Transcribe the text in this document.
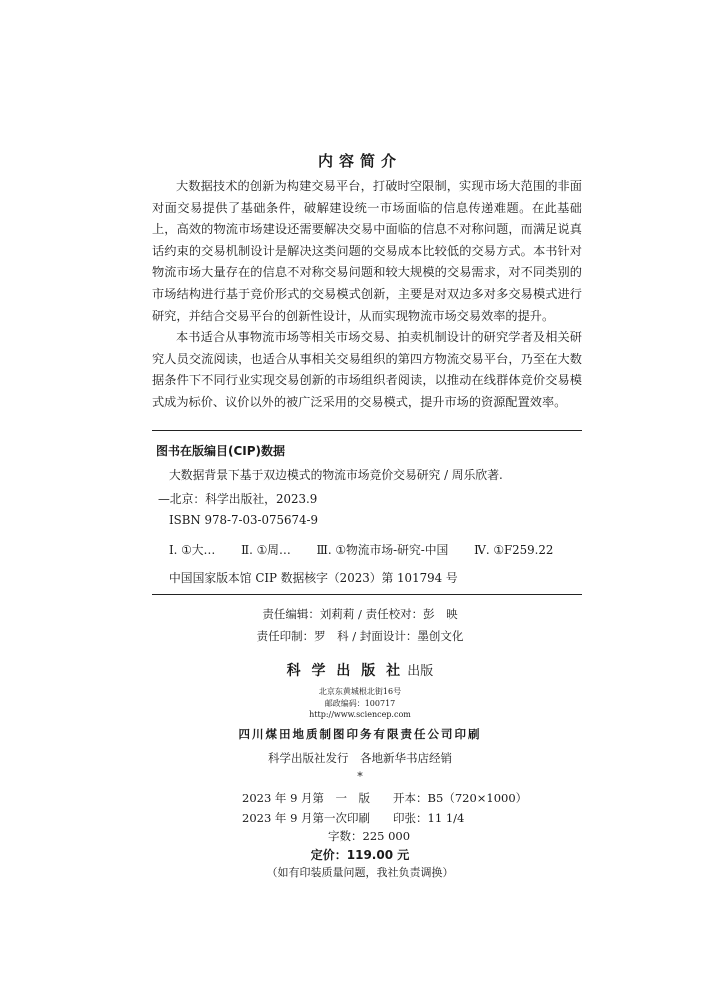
内容简介

大数据技术的创新为构建交易平台，打破时空限制，实现市场大范围的非面对面交易提供了基础条件，破解建设统一市场面临的信息传递难题。在此基础上，高效的物流市场建设还需要解决交易中面临的信息不对称问题，而满足说真话约束的交易机制设计是解决这类问题的交易成本比较低的交易方式。本书针对物流市场大量存在的信息不对称交易问题和较大规模的交易需求，对不同类别的市场结构进行基于竞价形式的交易模式创新，主要是对双边多对多交易模式进行研究，并结合交易平台的创新性设计，从而实现物流市场交易效率的提升。

本书适合从事物流市场等相关市场交易、拍卖机制设计的研究学者及相关研究人员交流阅读，也适合从事相关交易组织的第四方物流交易平台，乃至在大数据条件下不同行业实现交易创新的市场组织者阅读，以推动在线群体竞价交易模式成为标价、议价以外的被广泛采用的交易模式，提升市场的资源配置效率。

图书在版编目(CIP)数据
大数据背景下基于双边模式的物流市场竞价交易研究 / 周乐欣著.
—北京：科学出版社，2023.9
ISBN 978-7-03-075674-9
Ⅰ. ①大… Ⅱ. ①周… Ⅲ. ①物流市场-研究-中国 Ⅳ. ①F259.22
中国国家版本馆 CIP 数据核字（2023）第 101794 号
责任编辑：刘莉莉 / 责任校对：彭　映
责任印制：罗　科 / 封面设计：墨创文化
科 学 出 版 社 出版
北京东黄城根北街16号
邮政编码：100717
http://www.sciencep.com
四川煤田地质制图印务有限责任公司印刷
科学出版社发行　各地新华书店经销
*
2023 年 9 月第　一　版　　开本：B5（720×1000）
2023 年 9 月第一次印刷　　印张：11 1/4
字数：225 000
定价：119.00 元
（如有印装质量问题，我社负责调换）
